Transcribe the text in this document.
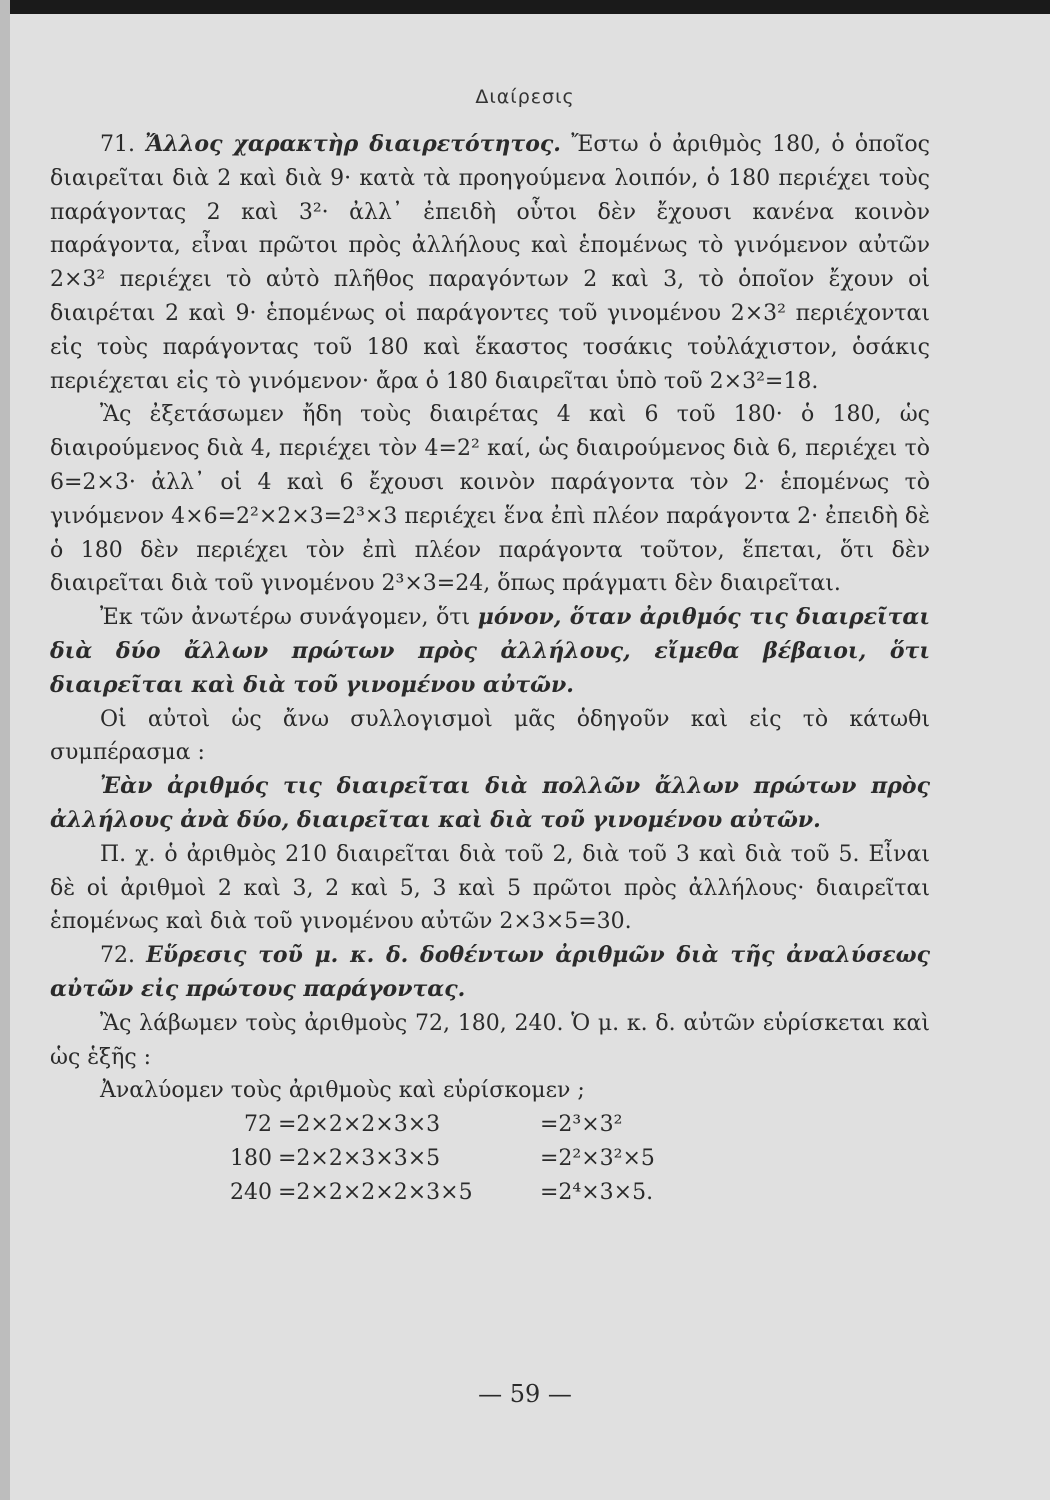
Διαίρεσις

71. Ἄλλος χαρακτὴρ διαιρετότητος. Ἔστω ὁ ἀριθμὸς 180, ὁ ὁποῖος διαιρεῖται διὰ 2 καὶ διὰ 9· κατὰ τὰ προηγούμενα λοιπόν, ὁ 180 περιέχει τοὺς παράγοντας 2 καὶ 3²· ἀλλ᾽ ἐπειδὴ οὗτοι δὲν ἔχουσι κανένα κοινὸν παράγοντα, εἶναι πρῶτοι πρὸς ἀλλήλους καὶ ἑπομένως τὸ γινόμενον αὐτῶν 2×3² περιέχει τὸ αὐτὸ πλῆθος παραγόντων 2 καὶ 3, τὸ ὁποῖον ἔχουν οἱ διαιρέται 2 καὶ 9· ἑπομένως οἱ παράγοντες τοῦ γινομένου 2×3² περιέχονται εἰς τοὺς παράγοντας τοῦ 180 καὶ ἕκαστος τοσάκις τοὐλάχιστον, ὁσάκις περιέχεται εἰς τὸ γινόμενον· ἄρα ὁ 180 διαιρεῖται ὑπὸ τοῦ 2×3²=18.

Ἂς ἐξετάσωμεν ἤδη τοὺς διαιρέτας 4 καὶ 6 τοῦ 180· ὁ 180, ὡς διαιρούμενος διὰ 4, περιέχει τὸν 4=2² καί, ὡς διαιρούμενος διὰ 6, περιέχει τὸ 6=2×3· ἀλλ᾽ οἱ 4 καὶ 6 ἔχουσι κοινὸν παράγοντα τὸν 2· ἑπομένως τὸ γινόμενον 4×6=2²×2×3=2³×3 περιέχει ἕνα ἐπὶ πλέον παράγοντα 2· ἐπειδὴ δὲ ὁ 180 δὲν περιέχει τὸν ἐπὶ πλέον παράγοντα τοῦτον, ἕπεται, ὅτι δὲν διαιρεῖται διὰ τοῦ γινομένου 2³×3=24, ὅπως πράγματι δὲν διαιρεῖται.

Ἐκ τῶν ἀνωτέρω συνάγομεν, ὅτι μόνον, ὅταν ἀριθμός τις διαιρεῖται διὰ δύο ἄλλων πρώτων πρὸς ἀλλήλους, εἴμεθα βέβαιοι, ὅτι διαιρεῖται καὶ διὰ τοῦ γινομένου αὐτῶν.

Οἱ αὐτοὶ ὡς ἄνω συλλογισμοὶ μᾶς ὁδηγοῦν καὶ εἰς τὸ κάτωθι συμπέρασμα :

Ἐὰν ἀριθμός τις διαιρεῖται διὰ πολλῶν ἄλλων πρώτων πρὸς ἀλλήλους ἀνὰ δύο, διαιρεῖται καὶ διὰ τοῦ γινομένου αὐτῶν.

Π. χ. ὁ ἀριθμὸς 210 διαιρεῖται διὰ τοῦ 2, διὰ τοῦ 3 καὶ διὰ τοῦ 5. Εἶναι δὲ οἱ ἀριθμοὶ 2 καὶ 3, 2 καὶ 5, 3 καὶ 5 πρῶτοι πρὸς ἀλλήλους· διαιρεῖται ἑπομένως καὶ διὰ τοῦ γινομένου αὐτῶν 2×3×5=30.

72. Εὕρεσις τοῦ μ. κ. δ. δοθέντων ἀριθμῶν διὰ τῆς ἀναλύσεως αὐτῶν εἰς πρώτους παράγοντας.

Ἂς λάβωμεν τοὺς ἀριθμοὺς 72, 180, 240. Ὁ μ. κ. δ. αὐτῶν εὑρίσκεται καὶ ὡς ἑξῆς :

Ἀναλύομεν τοὺς ἀριθμοὺς καὶ εὑρίσκομεν ;

72 =2×2×2×3×3	=2³×3²
180 =2×2×3×3×5	=2²×3²×5
240 =2×2×2×2×3×5	=2⁴×3×5.
— 59 —
